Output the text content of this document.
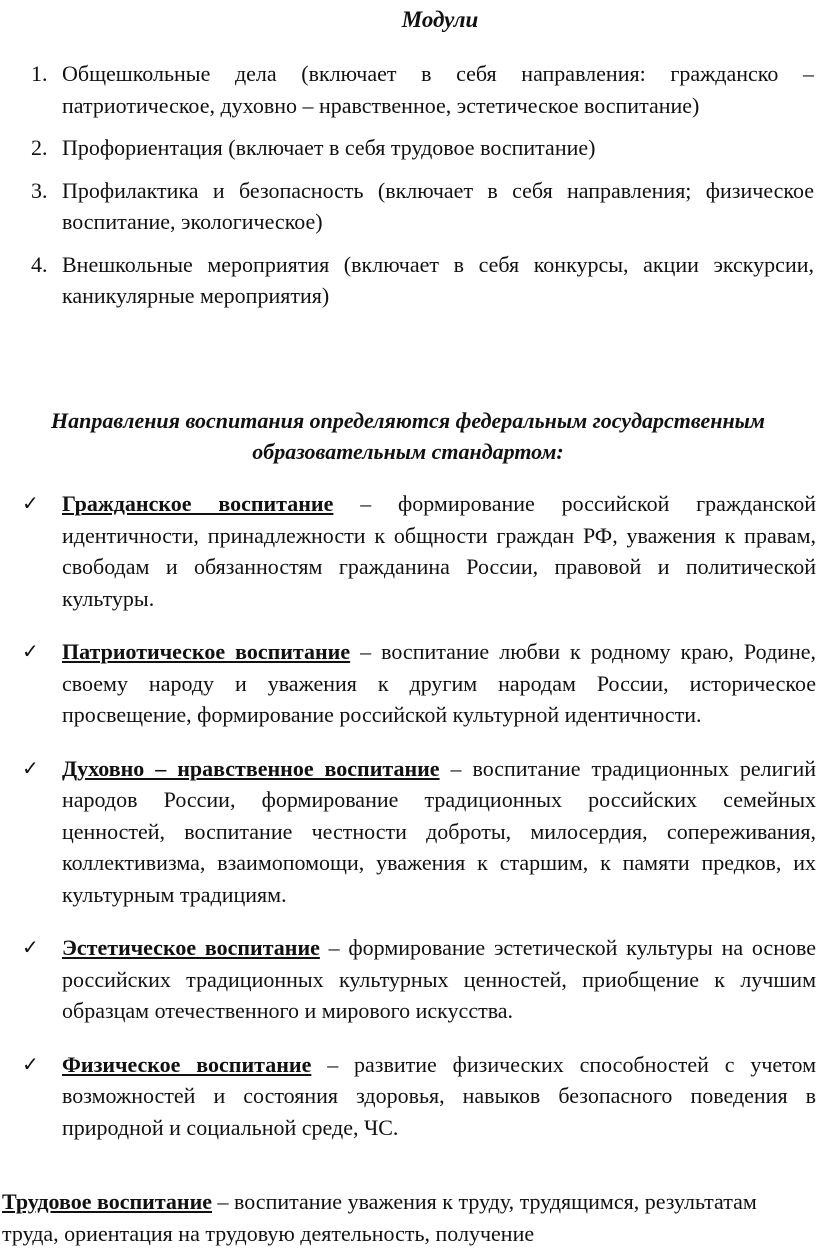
Модули
1. Общешкольные дела (включает в себя направления: гражданско – патриотическое, духовно – нравственное, эстетическое воспитание)
2. Профориентация (включает в себя трудовое воспитание)
3. Профилактика и безопасность (включает в себя направления; физическое воспитание, экологическое)
4. Внешкольные мероприятия (включает в себя конкурсы, акции экскурсии, каникулярные мероприятия)
Направления воспитания определяются федеральным государственным
образовательным стандартом:
✓	Гражданское воспитание – формирование российской гражданской идентичности, принадлежности к общности граждан РФ, уважения к правам, свободам и обязанностям гражданина России, правовой и политической культуры.
✓	Патриотическое воспитание – воспитание любви к родному краю, Родине, своему народу и уважения к другим народам России, историческое просвещение, формирование российской культурной идентичности.
✓	Духовно – нравственное воспитание – воспитание традиционных религий народов России, формирование традиционных российских семейных ценностей, воспитание честности доброты, милосердия, сопереживания, коллективизма, взаимопомощи, уважения к старшим, к памяти предков, их культурным традициям.
✓	Эстетическое воспитание – формирование эстетической культуры на основе российских традиционных культурных ценностей, приобщение к лучшим образцам отечественного и мирового искусства.
✓	Физическое воспитание – развитие физических способностей с учетом возможностей и состояния здоровья, навыков безопасного поведения в природной и социальной среде, ЧС.
Трудовое воспитание – воспитание уважения к труду, трудящимся, результатам труда, ориентация на трудовую деятельность, получение
